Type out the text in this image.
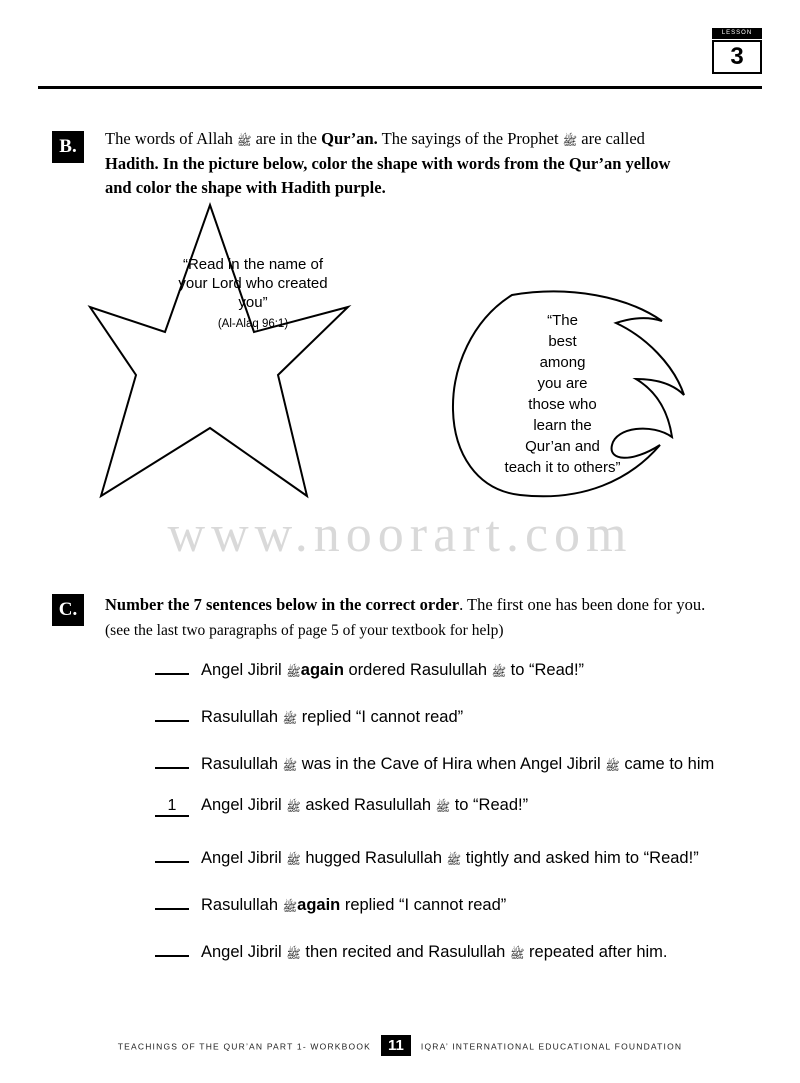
LESSON
3
B.	The words of Allah ﷺ are in the Qur’an. The sayings of the Prophet ﷺ are called Hadith. In the picture below, color the shape with words from the Qur’an yellow and color the shape with Hadith purple.
“Read in the name of your Lord who created you”
(Al-Alaq 96:1)	“The
best
among
you are
those who
learn the
Qur’an and
teach it to others”
www.noorart.com
C.	Number the 7 sentences below in the correct order. The first one has been done for you.
(see the last two paragraphs of page 5 of your textbook for help)
Angel Jibril ﷺagain ordered Rasulullah ﷺ to “Read!”
Rasulullah ﷺ replied “I cannot read”
Rasulullah ﷺ was in the Cave of Hira when Angel Jibril ﷺ came to him
1	Angel Jibril ﷺ asked Rasulullah ﷺ to “Read!”
Angel Jibril ﷺ hugged Rasulullah ﷺ tightly and asked him to “Read!”
Rasulullah ﷺagain replied “I cannot read”
Angel Jibril ﷺ then recited and Rasulullah ﷺ repeated after him.
TEACHINGS OF THE QUR’AN PART 1- WORKBOOK 11 IQRA’ INTERNATIONAL EDUCATIONAL FOUNDATION
